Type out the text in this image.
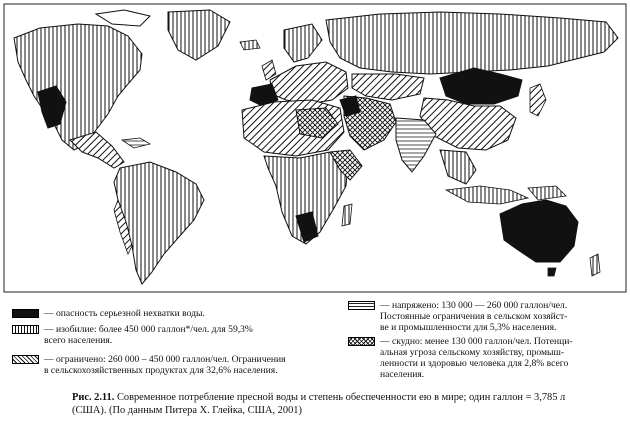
— опасность серьезной нехватки воды.
— изобилие: более 450 000 галлон*/чел. для 59,3%
всего населения.
— ограничено: 260 000 – 450 000 галлон/чел. Ограничения
в сельскохозяйственных продуктах для 32,6% населения.
— напряжено: 130 000 — 260 000 галлон/чел.
Постоянные ограничения в сельском хозяйст-
ве и промышленности для 5,3% населения.
— скудно: менее 130 000 галлон/чел. Потенци-
альная угроза сельскому хозяйству, промыш-
ленности и здоровью человека для 2,8% всего
населения.
Рис. 2.11. Современное потребление пресной воды и степень обеспеченности ею в мире; один галлон = 3,785 л (США). (По данным Питера Х. Глейка, США, 2001)
